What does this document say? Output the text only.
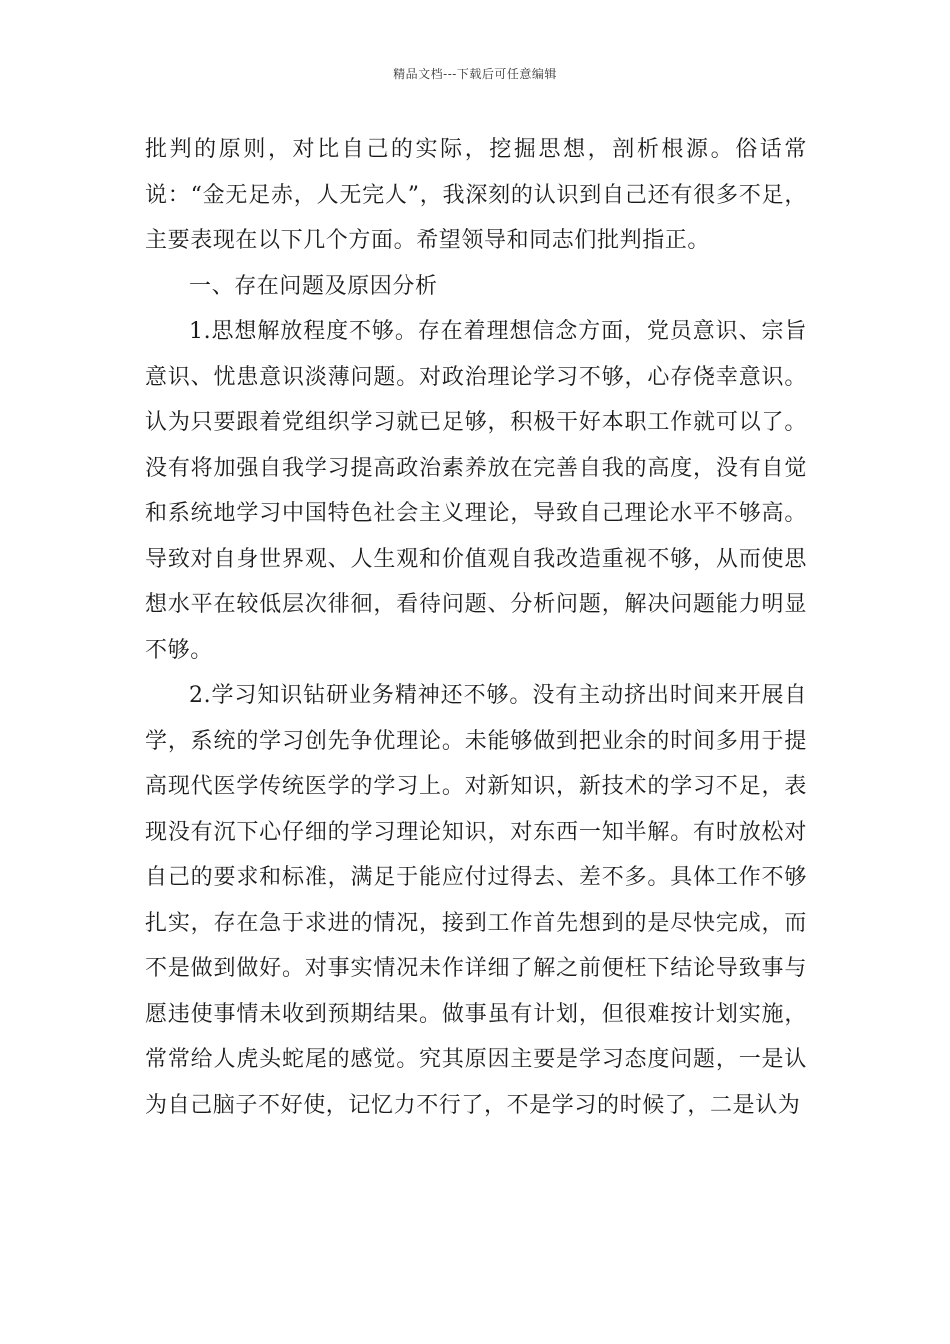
精品文档---下载后可任意编辑

批判的原则，对比自己的实际，挖掘思想，剖析根源。俗话常说：“金无足赤，人无完人”，我深刻的认识到自己还有很多不足，主要表现在以下几个方面。希望领导和同志们批判指正。

一、存在问题及原因分析

1.思想解放程度不够。存在着理想信念方面，党员意识、宗旨意识、忧患意识淡薄问题。对政治理论学习不够，心存侥幸意识。认为只要跟着党组织学习就已足够，积极干好本职工作就可以了。没有将加强自我学习提高政治素养放在完善自我的高度，没有自觉和系统地学习中国特色社会主义理论，导致自己理论水平不够高。导致对自身世界观、人生观和价值观自我改造重视不够，从而使思想水平在较低层次徘徊，看待问题、分析问题，解决问题能力明显不够。

2.学习知识钻研业务精神还不够。没有主动挤出时间来开展自学，系统的学习创先争优理论。未能够做到把业余的时间多用于提高现代医学传统医学的学习上。对新知识，新技术的学习不足，表现没有沉下心仔细的学习理论知识，对东西一知半解。有时放松对自己的要求和标准，满足于能应付过得去、差不多。具体工作不够扎实，存在急于求进的情况，接到工作首先想到的是尽快完成，而不是做到做好。对事实情况未作详细了解之前便枉下结论导致事与愿违使事情未收到预期结果。做事虽有计划，但很难按计划实施，常常给人虎头蛇尾的感觉。究其原因主要是学习态度问题，一是认为自己脑子不好使，记忆力不行了，不是学习的时候了，二是认为
